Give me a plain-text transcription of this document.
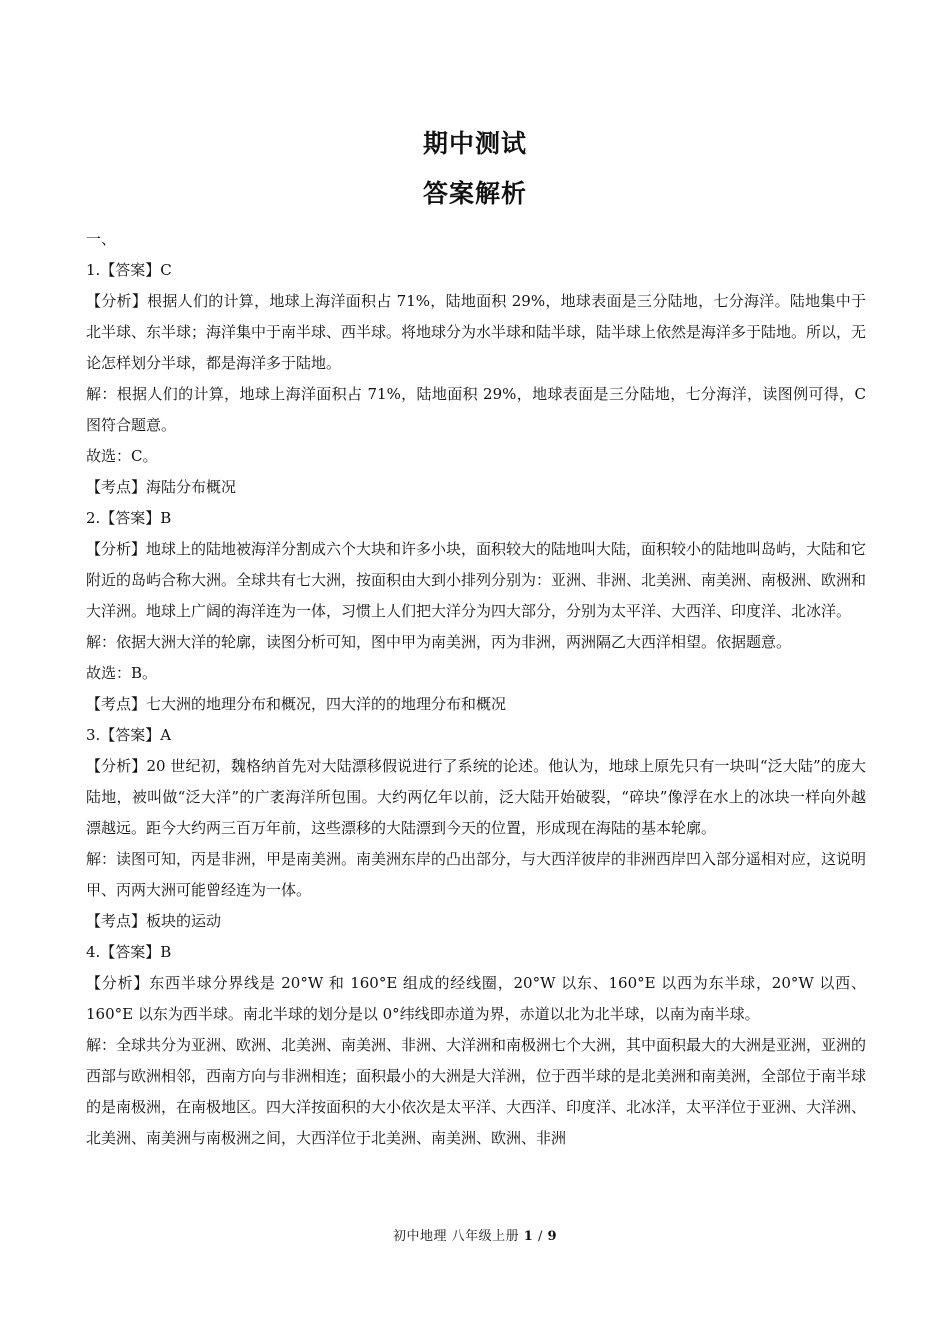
期中测试
答案解析

一、

1.【答案】C

【分析】根据人们的计算，地球上海洋面积占 71%，陆地面积 29%，地球表面是三分陆地，七分海洋。陆地集中于北半球、东半球；海洋集中于南半球、西半球。将地球分为水半球和陆半球，陆半球上依然是海洋多于陆地。所以，无论怎样划分半球，都是海洋多于陆地。

解：根据人们的计算，地球上海洋面积占 71%，陆地面积 29%，地球表面是三分陆地，七分海洋，读图例可得，C 图符合题意。

故选：C。

【考点】海陆分布概况

2.【答案】B

【分析】地球上的陆地被海洋分割成六个大块和许多小块，面积较大的陆地叫大陆，面积较小的陆地叫岛屿，大陆和它附近的岛屿合称大洲。全球共有七大洲，按面积由大到小排列分别为：亚洲、非洲、北美洲、南美洲、南极洲、欧洲和大洋洲。地球上广阔的海洋连为一体，习惯上人们把大洋分为四大部分，分别为太平洋、大西洋、印度洋、北冰洋。

解：依据大洲大洋的轮廓，读图分析可知，图中甲为南美洲，丙为非洲，两洲隔乙大西洋相望。依据题意。

故选：B。

【考点】七大洲的地理分布和概况，四大洋的的地理分布和概况

3.【答案】A

【分析】20 世纪初，魏格纳首先对大陆漂移假说进行了系统的论述。他认为，地球上原先只有一块叫“泛大陆”的庞大陆地，被叫做“泛大洋”的广袤海洋所包围。大约两亿年以前，泛大陆开始破裂，“碎块”像浮在水上的冰块一样向外越漂越远。距今大约两三百万年前，这些漂移的大陆漂到今天的位置，形成现在海陆的基本轮廓。

解：读图可知，丙是非洲，甲是南美洲。南美洲东岸的凸出部分，与大西洋彼岸的非洲西岸凹入部分遥相对应，这说明甲、丙两大洲可能曾经连为一体。

【考点】板块的运动

4.【答案】B

【分析】东西半球分界线是 20°W 和 160°E 组成的经线圈，20°W 以东、160°E 以西为东半球，20°W 以西、160°E 以东为西半球。南北半球的划分是以 0°纬线即赤道为界，赤道以北为北半球，以南为南半球。

解：全球共分为亚洲、欧洲、北美洲、南美洲、非洲、大洋洲和南极洲七个大洲，其中面积最大的大洲是亚洲，亚洲的西部与欧洲相邻，西南方向与非洲相连；面积最小的大洲是大洋洲，位于西半球的是北美洲和南美洲，全部位于南半球的是南极洲，在南极地区。四大洋按面积的大小依次是太平洋、大西洋、印度洋、北冰洋，太平洋位于亚洲、大洋洲、北美洲、南美洲与南极洲之间，大西洋位于北美洲、南美洲、欧洲、非洲

初中地理 八年级上册 1 / 9
